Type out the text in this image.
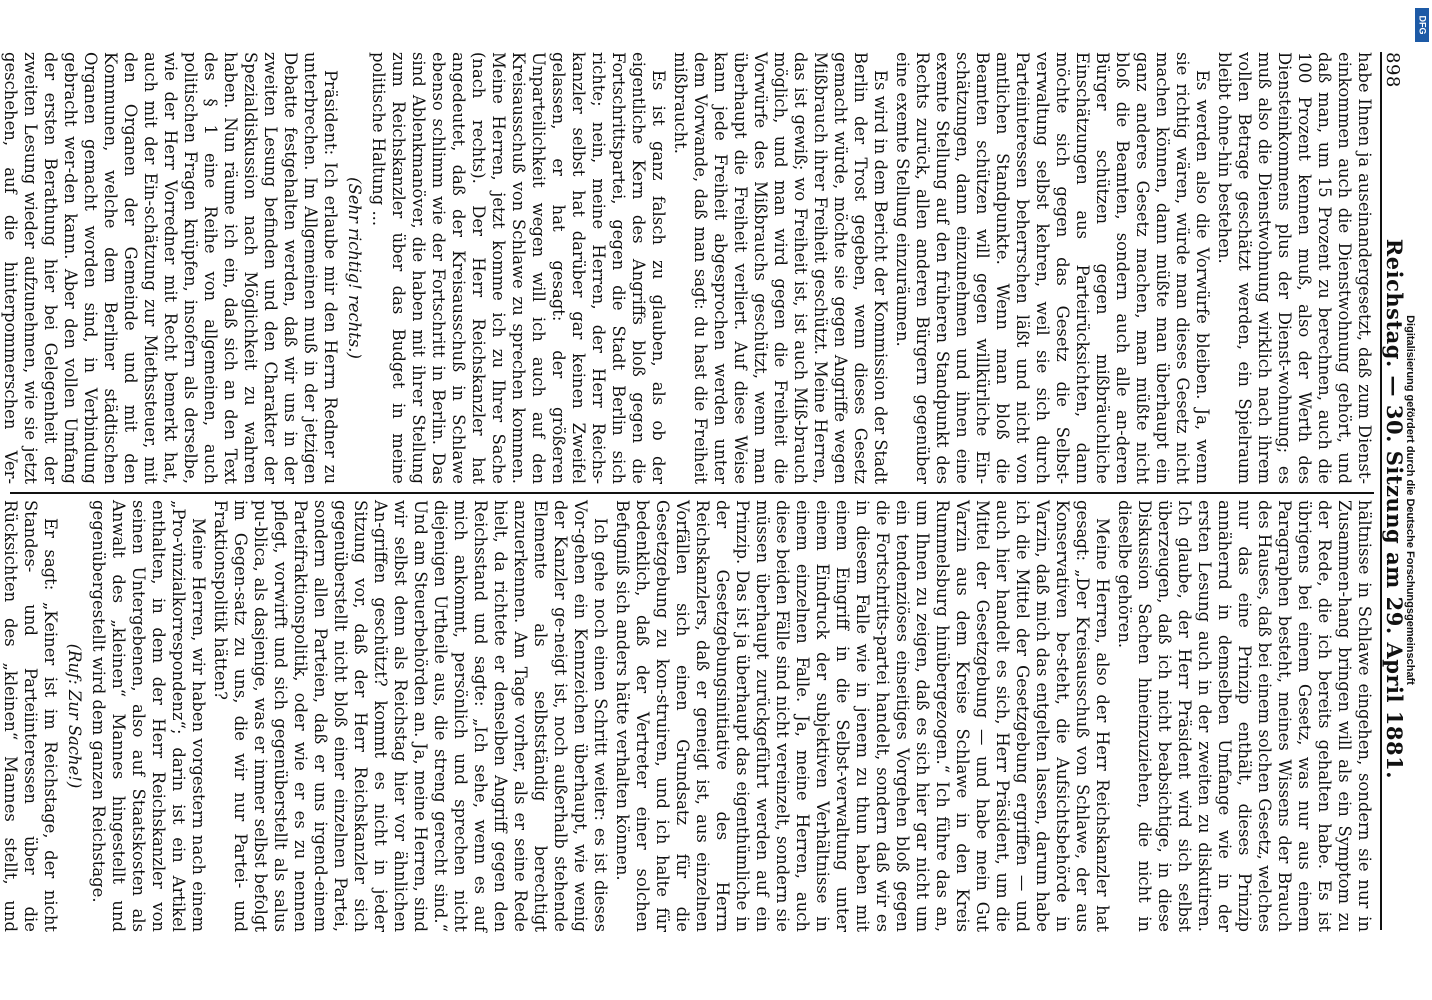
898
Reichstag. — 30. Sitzung am 29. April 1881.

habe Ihnen ja auseinandergesetzt, daß zum Dienst-einkommen auch die Dienstwohnung gehört, und daß man, um 15 Prozent zu berechnen, auch die 100 Prozent kennen muß, also der Werth des Diensteinkommens plus der Dienst-wohnung; es muß also die Dienstwohnung wirklich nach ihrem vollen Betrage geschätzt werden, ein Spielraum bleibt ohne-hin bestehen.

Es werden also die Vorwürfe bleiben. Ja, wenn sie richtig wären, würde man dieses Gesetz nicht machen können, dann müßte man überhaupt ein ganz anderes Gesetz machen, man müßte nicht bloß die Beamten, sondern auch alle an-deren Bürger schützen gegen mißbräuchliche Einschätzungen aus Parteirücksichten, dann möchte sich gegen das Gesetz die Selbst-verwaltung selbst kehren, weil sie sich durch Parteiinteressen beherrschen läßt und nicht von amtlichen Standpunkte. Wenn man bloß die Beamten schützen will gegen willkürliche Ein-schätzungen, dann einzunehmen und ihnen eine exemte Stellung auf den früheren Standpunkt des Rechts zurück, allen anderen Bürgern gegenüber eine exemte Stellung einzuräumen.

Es wird in dem Bericht der Kommission der Stadt Berlin der Trost gegeben, wenn dieses Gesetz gemacht würde, möchte sie gegen Angriffe wegen Mißbrauch ihrer Freiheit geschützt. Meine Herren, das ist gewiß; wo Freiheit ist, ist auch Miß-brauch möglich, und man wird gegen die Freiheit die Vorwürfe des Mißbrauchs geschützt, wenn man überhaupt die Freiheit verliert. Auf diese Weise kann jede Freiheit abgesprochen werden unter dem Vorwande, daß man sagt: du hast die Freiheit mißbraucht.

Es ist ganz falsch zu glauben, als ob der eigentliche Kern des Angriffs bloß gegen die Fortschrittspartei, gegen die Stadt Berlin sich richte; nein, meine Herren, der Herr Reichs-kanzler selbst hat darüber gar keinen Zweifel gelassen, er hat gesagt: der größeren Unparteilichkeit wegen will ich auch auf den Kreisausschuß von Schlawe zu sprechen kommen. Meine Herren, jetzt komme ich zu Ihrer Sache (nach rechts). Der Herr Reichskanzler hat angedeutet, daß der Kreisausschuß in Schlawe ebenso schlimm wie der Fortschritt in Berlin. Das sind Ablenkmanöver, die haben mit ihrer Stellung zum Reichskanzler über das Budget in meine politische Haltung ...

(Sehr richtig! rechts.)

Präsident: Ich erlaube mir den Herrn Redner zu unterbrechen. Im Allgemeinen muß in der jetzigen Debatte festgehalten werden, daß wir uns in der zweiten Lesung befinden und den Charakter der Spezialdiskussion nach Möglichkeit zu wahren haben. Nun räume ich ein, daß sich an den Text des § 1 eine Reihe von allgemeinen, auch politischen Fragen knüpfen, insofern als derselbe, wie der Herr Vorredner mit Recht bemerkt hat, auch mit der Ein-schätzung zur Miethssteuer, mit den Organen der Gemeinde und mit den Kommunen, welche dem Berliner städtischen Organen gemacht worden sind, in Verbindung gebracht wer-den kann. Aber den vollen Umfang der ersten Berathung hier bei Gelegenheit der zweiten Lesung wieder aufzunehmen, wie sie jetzt geschehen, auf die hinterpommerschen Ver-

hältnisse in Schlawe eingehen, sondern sie nur in Zusammen-hang bringen will als ein Symptom zu der Rede, die ich bereits gehalten habe. Es ist übrigens bei einem Gesetz, was nur aus einem Paragraphen besteht, meines Wissens der Brauch des Hauses, daß bei einem solchen Gesetz, welches nur das eine Prinzip enthält, dieses Prinzip annähernd in demselben Umfange wie in der ersten Lesung auch in der zweiten zu diskutiren. Ich glaube, der Herr Präsident wird sich selbst überzeugen, daß ich nicht beabsichtige, in diese Diskussion Sachen hineinzuziehen, die nicht in dieselbe gehören.

Meine Herren, also der Herr Reichskanzler hat gesagt: „Der Kreisausschuß von Schlawe, der aus Konservativen be-steht, die Aufsichtsbehörde in Varzin, daß mich das entgelten lassen, darum habe ich die Mittel der Gesetzgebung ergriffen — und auch hier handelt es sich, Herr Präsident, um die Mittel der Gesetzgebung — und habe mein Gut Varzin aus dem Kreise Schlawe in den Kreis Rummelsburg hinübergezogen.“ Ich führe das an, um Ihnen zu zeigen, daß es sich hier gar nicht um ein tendenziöses einseitiges Vorgehen bloß gegen die Fortschritts-partei handelt, sondern daß wir es in diesem Falle wie in jenem zu thun haben mit einem Eingriff in die Selbst-verwaltung unter einem Eindruck der subjektiven Verhältnisse in einem einzelnen Falle. Ja, meine Herren, auch diese beiden Fälle sind nicht vereinzelt, sondern sie müssen überhaupt zurückgeführt werden auf ein Prinzip. Das ist ja überhaupt das eigenthümliche in der Gesetzgebungsinitiative des Herrn Reichskanzlers, daß er geneigt ist, aus einzelnen Vorfällen sich einen Grundsatz für die Gesetzgebung zu kon-struiren, und ich halte für bedenklich, daß der Vertreter einer solchen Befugniß sich anders hätte verhalten können.

Ich gehe noch einen Schritt weiter: es ist dieses Vor-gehen ein Kennzeichen überhaupt, wie wenig der Kanzler ge-neigt ist, noch außerhalb stehende Elemente als selbstständig berechtigt anzuerkennen. Am Tage vorher, als er seine Rede hielt, da richtete er denselben Angriff gegen den Reichsstand und sagte: „Ich sehe, wenn es auf mich ankommt, persönlich und sprechen nicht diejenigen Urtheile aus, die streng gerecht sind.“ Und am Steuerbehörden an. Ja, meine Herren, sind wir selbst denn als Reichstag hier vor ähnlichen An-griffen geschützt? kommt es nicht in jeder Sitzung vor, daß der Herr Reichskanzler sich gegenüberstellt nicht bloß einer einzelnen Partei, sondern allen Parteien, daß er uns irgend-einem Parteifraktionspolitik, oder wie er es zu nennen pflegt, vorwirft und sich gegenüberstellt als salus pu-blica, als dasjenige, was er immer selbst befolgt im Gegen-satz zu uns, die wir nur Partei- und Fraktionspolitik hätten?

Meine Herren, wir haben vorgestern nach einem „Pro-vinzialkorrespondenz“; darin ist ein Artikel enthalten, in dem der Herr Reichskanzler von seinen Untergebenen, also auf Staatskosten als Anwalt des „kleinen“ Mannes hingestellt und gegenübergestellt wird dem ganzen Reichstage.

(Ruf: Zur Sache!)

Er sagt: „Keiner ist im Reichstage, der nicht Standes- und Parteiinteressen über die Rücksichten des „kleinen“ Mannes stellt, und

DFG
Digitalisierung gefördert durch die Deutsche Forschungsgemeinschaft
